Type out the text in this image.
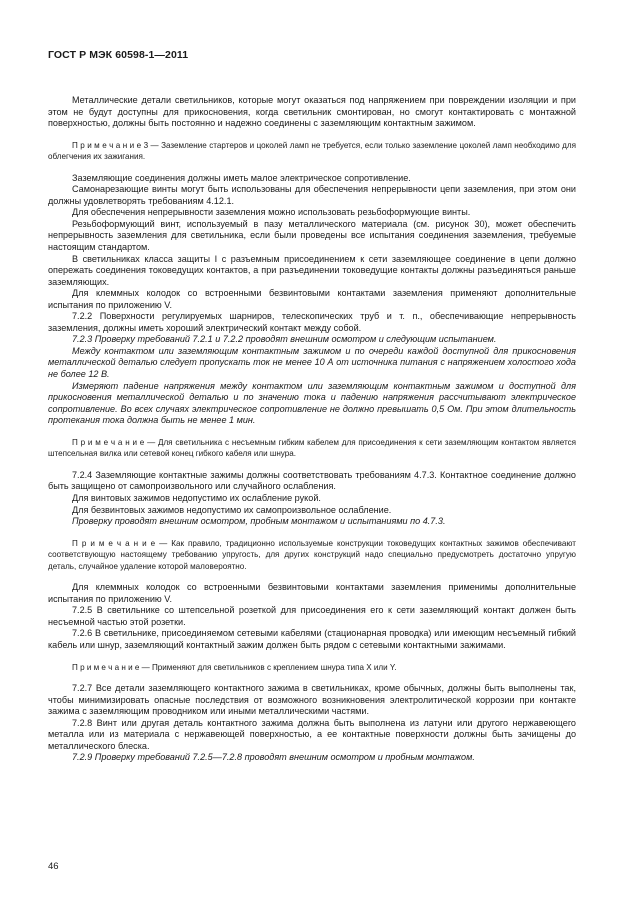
ГОСТ Р МЭК 60598-1—2011

Металлические детали светильников, которые могут оказаться под напряжением при повреждении изоляции и при этом не будут доступны для прикосновения, когда светильник смонтирован, но смогут контактировать с монтажной поверхностью, должны быть постоянно и надежно соединены с заземляющим контактным зажимом.

П р и м е ч а н и е 3 — Заземление стартеров и цоколей ламп не требуется, если только заземление цоколей ламп необходимо для облегчения их зажигания.

Заземляющие соединения должны иметь малое электрическое сопротивление.

Самонарезающие винты могут быть использованы для обеспечения непрерывности цепи заземления, при этом они должны удовлетворять требованиям 4.12.1.

Для обеспечения непрерывности заземления можно использовать резьбоформующие винты.

Резьбоформующий винт, используемый в пазу металлического материала (см. рисунок 30), может обеспечить непрерывность заземления для светильника, если были проведены все испытания соединения заземления, требуемые настоящим стандартом.

В светильниках класса защиты I с разъемным присоединением к сети заземляющее соединение в цепи должно опережать соединения токоведущих контактов, а при разъединении токоведущие контакты должны разъединяться раньше заземляющих.

Для клеммных колодок со встроенными безвинтовыми контактами заземления применяют дополнительные испытания по приложению V.

7.2.2 Поверхности регулируемых шарниров, телескопических труб и т. п., обеспечивающие непрерывность заземления, должны иметь хороший электрический контакт между собой.

7.2.3 Проверку требований 7.2.1 и 7.2.2 проводят внешним осмотром и следующим испытанием.

Между контактом или заземляющим контактным зажимом и по очереди каждой доступной для прикосновения металлической деталью следует пропускать ток не менее 10 А от источника питания с напряжением холостого хода не более 12 В.

Измеряют падение напряжения между контактом или заземляющим контактным зажимом и доступной для прикосновения металлической деталью и по значению тока и падению напряжения рассчитывают электрическое сопротивление. Во всех случаях электрическое сопротивление не должно превышать 0,5 Ом. При этом длительность протекания тока должна быть не менее 1 мин.

П р и м е ч а н и е — Для светильника с несъемным гибким кабелем для присоединения к сети заземляющим контактом является штепсельная вилка или сетевой конец гибкого кабеля или шнура.

7.2.4 Заземляющие контактные зажимы должны соответствовать требованиям 4.7.3. Контактное соединение должно быть защищено от самопроизвольного или случайного ослабления.

Для винтовых зажимов недопустимо их ослабление рукой.

Для безвинтовых зажимов недопустимо их самопроизвольное ослабление.

Проверку проводят внешним осмотром, пробным монтажом и испытаниями по 4.7.3.

П р и м е ч а н и е — Как правило, традиционно используемые конструкции токоведущих контактных зажимов обеспечивают соответствующую настоящему требованию упругость, для других конструкций надо специально предусмотреть достаточно упругую деталь, случайное удаление которой маловероятно.

Для клеммных колодок со встроенными безвинтовыми контактами заземления применимы дополнительные испытания по приложению V.

7.2.5 В светильнике со штепсельной розеткой для присоединения его к сети заземляющий контакт должен быть несъемной частью этой розетки.

7.2.6 В светильнике, присоединяемом сетевыми кабелями (стационарная проводка) или имеющим несъемный гибкий кабель или шнур, заземляющий контактный зажим должен быть рядом с сетевыми контактными зажимами.

П р и м е ч а н и е — Применяют для светильников с креплением шнура типа X или Y.

7.2.7 Все детали заземляющего контактного зажима в светильниках, кроме обычных, должны быть выполнены так, чтобы минимизировать опасные последствия от возможного возникновения электролитической коррозии при контакте зажима с заземляющим проводником или иными металлическими частями.

7.2.8 Винт или другая деталь контактного зажима должна быть выполнена из латуни или другого нержавеющего металла или из материала с нержавеющей поверхностью, а ее контактные поверхности должны быть зачищены до металлического блеска.

7.2.9 Проверку требований 7.2.5—7.2.8 проводят внешним осмотром и пробным монтажом.

46
